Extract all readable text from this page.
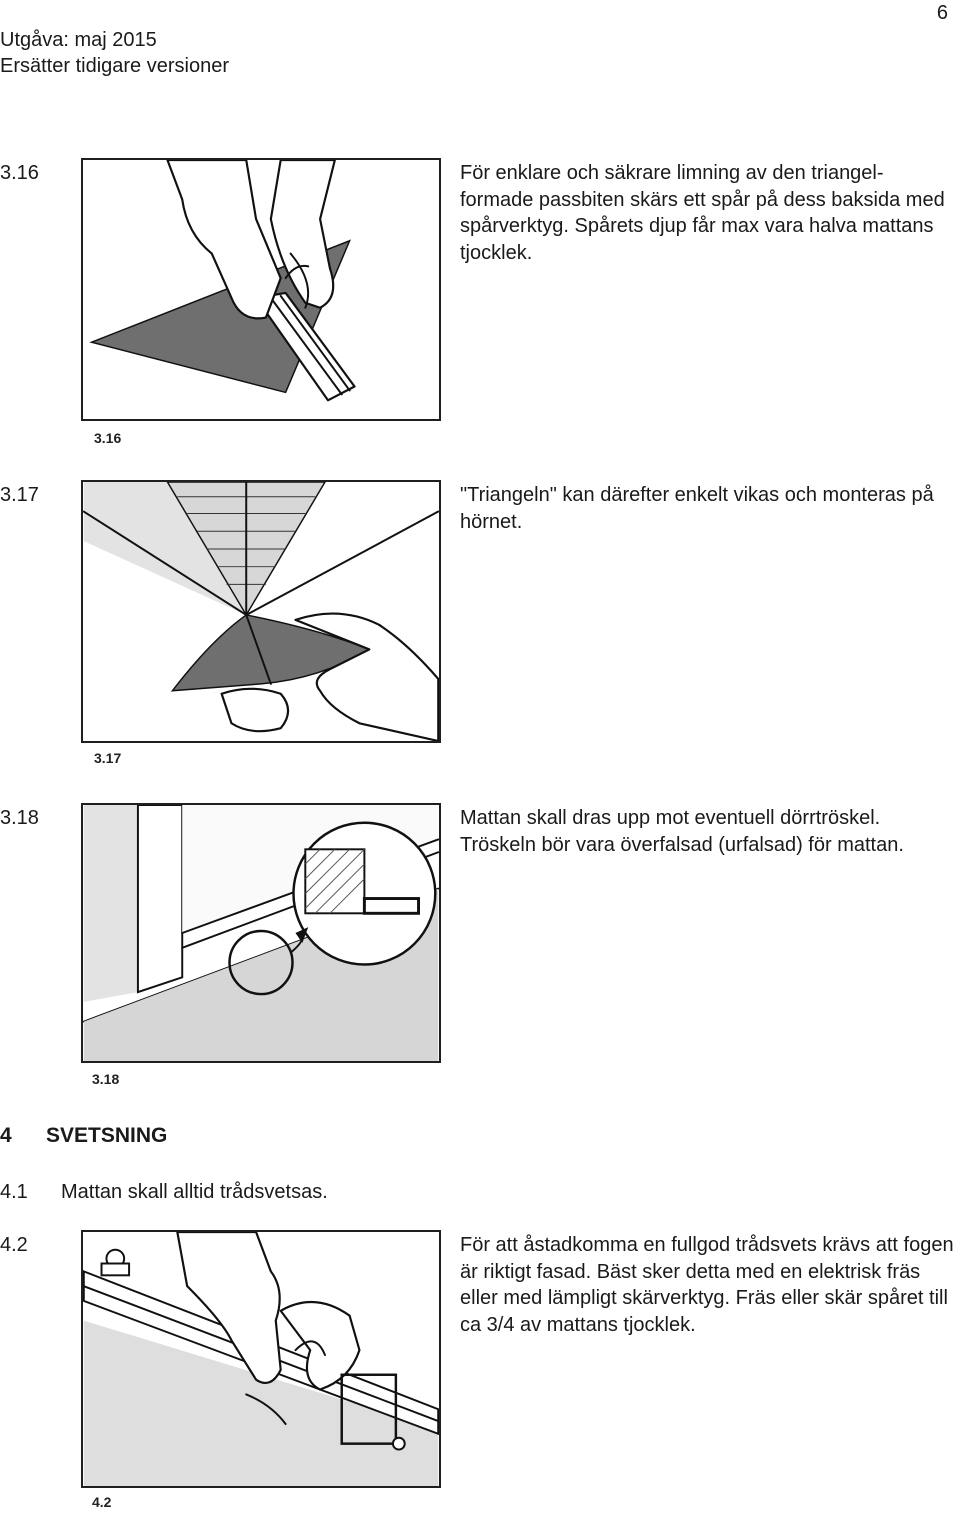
Utgåva: maj 2015
Ersätter tidigare versioner
6
3.16
3.16
För enklare och säkrare limning av den triangel-formade passbiten skärs ett spår på dess baksida med spårverktyg. Spårets djup får max vara halva mattans tjocklek.
3.17
3.17
"Triangeln" kan därefter enkelt vikas och monteras på hörnet.
3.18
3.18
Mattan skall dras upp mot eventuell dörrtröskel. Tröskeln bör vara överfalsad (urfalsad) för mattan.
4 SVETSNING
4.1 Mattan skall alltid trådsvetsas.
4.2
4.2
För att åstadkomma en fullgod trådsvets krävs att fogen är riktigt fasad. Bäst sker detta med en elektrisk fräs eller med lämpligt skärverktyg. Fräs eller skär spåret till ca 3/4 av mattans tjocklek.
